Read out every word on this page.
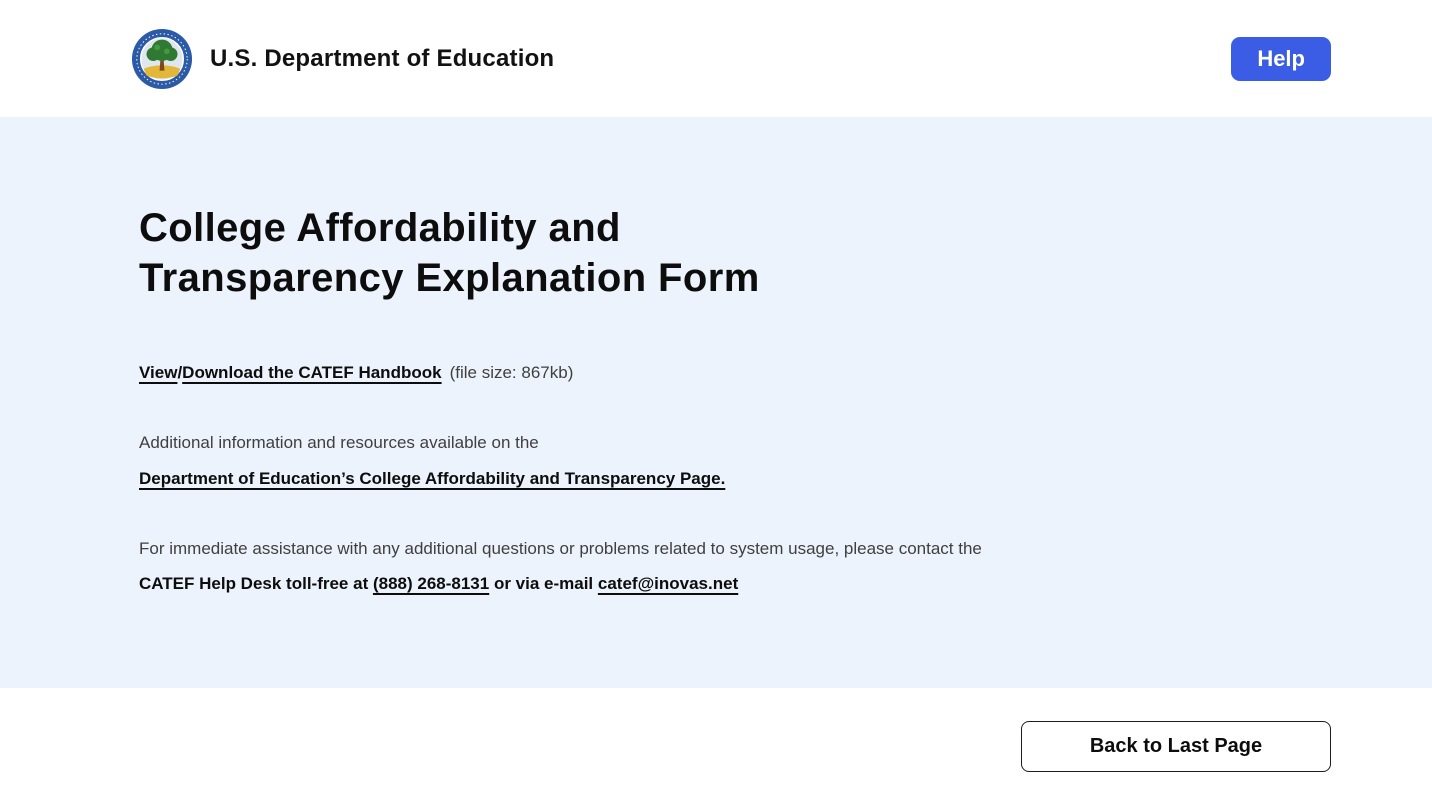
U.S. Department of Education	Help
College Affordability and
Transparency Explanation Form

View/Download the CATEF Handbook (file size: 867kb)

Additional information and resources available on the

Department of Education’s College Affordability and Transparency Page.

For immediate assistance with any additional questions or problems related to system usage, please contact the

CATEF Help Desk toll-free at (888) 268-8131 or via e-mail catef@inovas.net

Back to Last Page
